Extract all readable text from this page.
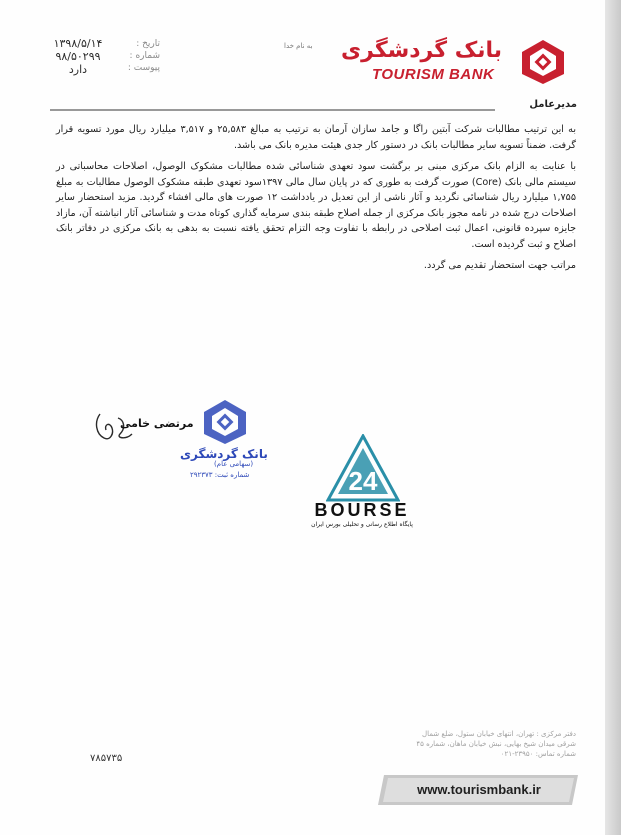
بانک گردشگری
TOURISM BANK
به نام خدا
تاریخ :
شماره :
پیوست :
۱۳۹۸/۵/۱۴
۹۸/۵۰۲۹۹
دارد
مدیرعامل

به این ترتیب مطالبات شرکت آبتین راگا و جامد سازان آرمان به ترتیب به مبالغ ۲۵,۵۸۳ و ۳,۵۱۷ میلیارد ریال مورد تسویه قرار گرفت. ضمناً تسویه سایر مطالبات بانک در دستور کار جدی هیئت مدیره بانک می باشد.

با عنایت به الزام بانک مرکزی مبنی بر برگشت سود تعهدی شناسائی شده مطالبات مشکوک الوصول، اصلاحات محاسباتی در سیستم مالی بانک (Core) صورت گرفت به طوری که در پایان سال مالی ۱۳۹۷سود تعهدی طبقه مشکوک الوصول مطالبات به مبلغ ۱,۷۵۵ میلیارد ریال شناسائی نگردید و آثار ناشی از این تعدیل در یادداشت ۱۲ صورت های مالی افشاء گردید. مزید استحضار سایر اصلاحات درج شده در نامه مجوز بانک مرکزی از جمله اصلاح طبقه بندی سرمایه گذاری کوتاه مدت و شناسائی آثار انباشته آن، مازاد جایزه سپرده قانونی، اعمال ثبت اصلاحی در رابطه با تفاوت وجه التزام تحقق یافته نسبت به بدهی به بانک مرکزی در دفاتر بانک اصلاح و ثبت گردیده است.

مراتب جهت استحضار تقدیم می گردد.

مرتضی خامی
بانک گردشگری
(سهامی عام)
شماره ثبت: ۲۹۲۳۷۳	24
BOURSE
پایگاه اطلاع رسانی و تحلیلی بورس ایران
۷۸۵۷۳۵
دفتر مرکزی : تهران، انتهای خیابان ستول، ضلع شمال
شرقی میدان شیخ بهایی، نبش خیابان ماهان، شماره ۴۵
شماره تماس: ۲۳۹۵۰-۰۲۱
www.tourismbank.ir
